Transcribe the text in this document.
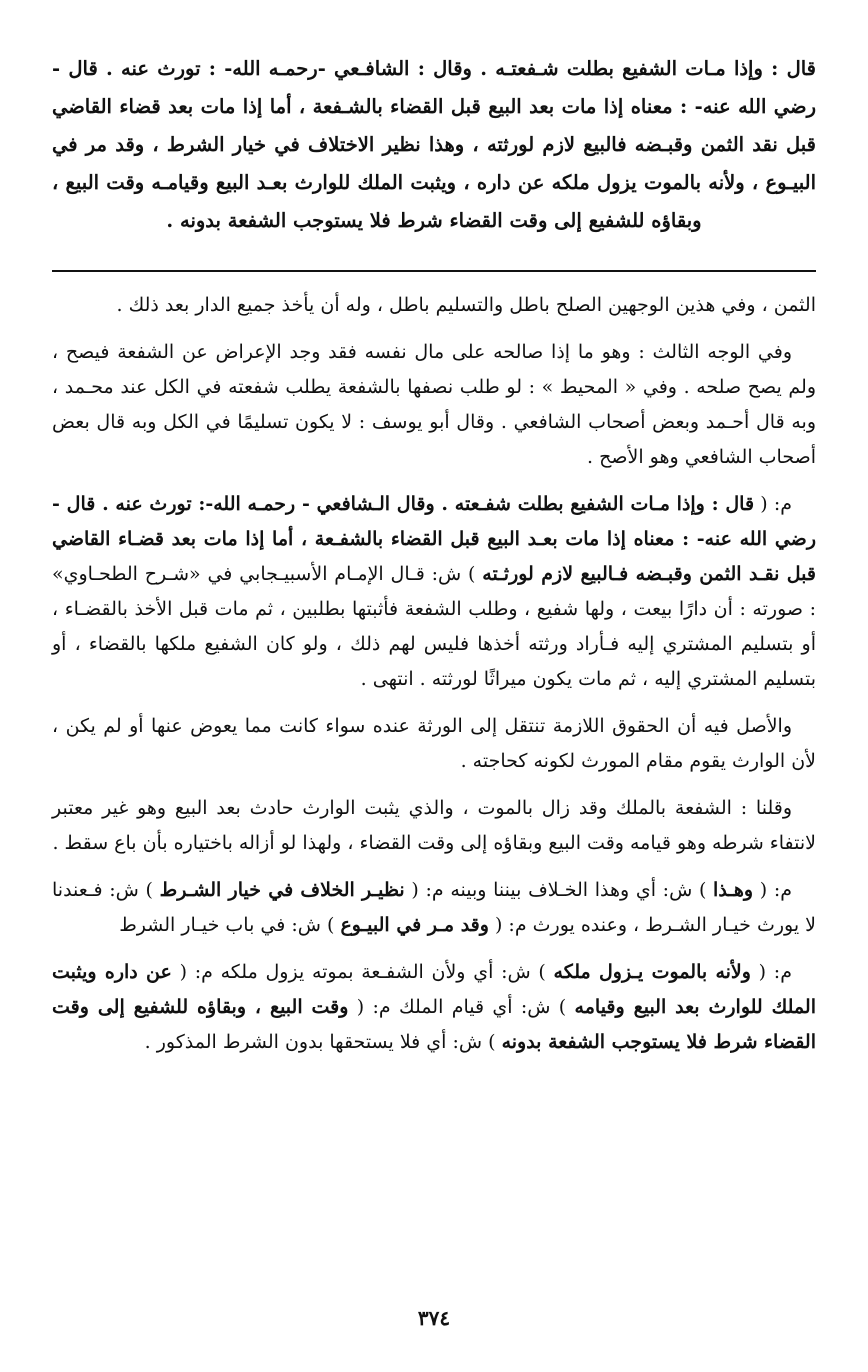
قال : وإذا مـات الشفيع بطلت شـفعتـه . وقال : الشافـعي -رحمـه الله- : تورث عنه . قال -
رضي الله عنه- : معناه إذا مات بعد البيع قبل القضاء بالشـفعة ، أما إذا مات بعد قضاء القاضي
قبل نقد الثمن وقبـضه فالبيع لازم لورثته ، وهذا نظير الاختلاف في خيار الشرط ، وقد مر في
البيـوع ، ولأنه بالموت يزول ملكه عن داره ، ويثبت الملك للوارث بعـد البيع وقيامـه وقت البيع ،
وبقاؤه للشفيع إلى وقت القضاء شرط فلا يستوجب الشفعة بدونه .

الثمن ، وفي هذين الوجهين الصلح باطل والتسليم باطل ، وله أن يأخذ جميع الدار بعد ذلك .

وفي الوجه الثالث : وهو ما إذا صالحه على مال نفسه فقد وجد الإعراض عن الشفعة فيصح ، ولم يصح صلحه . وفي « المحيط » : لو طلب نصفها بالشفعة يطلب شفعته في الكل عند محـمد ، وبه قال أحـمد وبعض أصحاب الشافعي . وقال أبو يوسف : لا يكون تسليمًا في الكل وبه قال بعض أصحاب الشافعي وهو الأصح .

م: ( قال : وإذا مـات الشفيع بطلت شفـعته . وقال الـشافعي - رحمـه الله-: تورث عنه . قال - رضي الله عنه- : معناه إذا مات بعـد البيع قبل القضاء بالشفـعة ، أما إذا مات بعد قضـاء القاضي قبل نقـد الثمن وقبـضه فـالبيع لازم لورثـته ) ش: قـال الإمـام الأسبيـجابي في «شـرح الطحـاوي» : صورته : أن دارًا بيعت ، ولها شفيع ، وطلب الشفعة فأثبتها بطلبين ، ثم مات قبل الأخذ بالقضـاء ، أو بتسليم المشتري إليه فـأراد ورثته أخذها فليس لهم ذلك ، ولو كان الشفيع ملكها بالقضاء ، أو بتسليم المشتري إليه ، ثم مات يكون ميراثًا لورثته . انتهى .

والأصل فيه أن الحقوق اللازمة تنتقل إلى الورثة عنده سواء كانت مما يعوض عنها أو لم يكن ، لأن الوارث يقوم مقام المورث لكونه كحاجته .

وقلنا : الشفعة بالملك وقد زال بالموت ، والذي يثبت الوارث حادث بعد البيع وهو غير معتبر لانتفاء شرطه وهو قيامه وقت البيع وبقاؤه إلى وقت القضاء ، ولهذا لو أزاله باختياره بأن باع سقط .

م: ( وهـذا ) ش: أي وهذا الخـلاف بيننا وبينه م: ( نظيـر الخلاف في خيار الشـرط ) ش: فـعندنا لا يورث خيـار الشـرط ، وعنده يورث م: ( وقد مـر في البيـوع ) ش: في باب خيـار الشرط

م: ( ولأنه بالموت يـزول ملكه ) ش: أي ولأن الشفـعة بموته يزول ملكه م: ( عن داره ويثبت الملك للوارث بعد البيع وقيامه ) ش: أي قيام الملك م: ( وقت البيع ، وبقاؤه للشفيع إلى وقت القضاء شرط فلا يستوجب الشفعة بدونه ) ش: أي فلا يستحقها بدون الشرط المذكور .

٣٧٤
